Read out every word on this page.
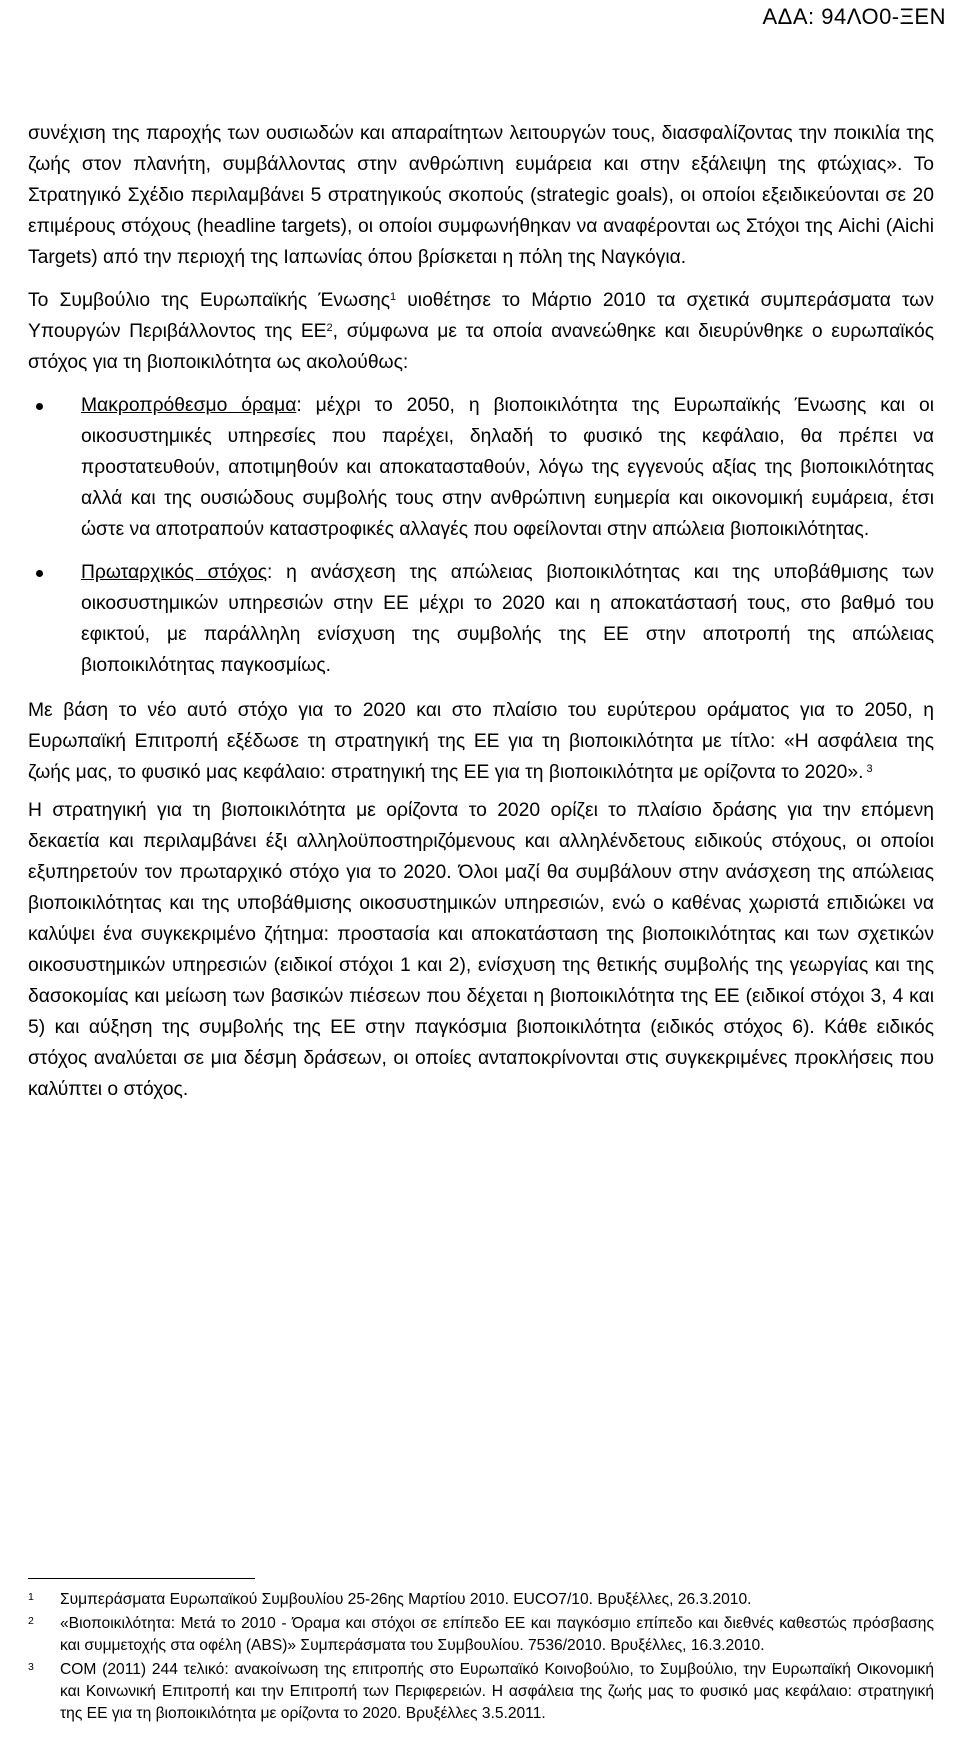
ΑΔΑ: 94ΛΟ0-ΞΕΝ

συνέχιση της παροχής των ουσιωδών και απαραίτητων λειτουργών τους, διασφαλίζοντας την ποικιλία της ζωής στον πλανήτη, συμβάλλοντας στην ανθρώπινη ευμάρεια και στην εξάλειψη της φτώχιας». Το Στρατηγικό Σχέδιο περιλαμβάνει 5 στρατηγικούς σκοπούς (strategic goals), οι οποίοι εξειδικεύονται σε 20 επιμέρους στόχους (headline targets), οι οποίοι συμφωνήθηκαν να αναφέρονται ως Στόχοι της Aichi (Aichi Targets) από την περιοχή της Ιαπωνίας όπου βρίσκεται η πόλη της Ναγκόγια.

Το Συμβούλιο της Ευρωπαϊκής Ένωσης$^1$ υιοθέτησε το Μάρτιο 2010 τα σχετικά συμπεράσματα των Υπουργών Περιβάλλοντος της $EE^2$, σύμφωνα με τα οποία ανανεώθηκε και διευρύνθηκε ο ευρωπαϊκός στόχος για τη βιοποικιλότητα ως ακολούθως:

Μακροπρόθεσμο όραμα: μέχρι το 2050, η βιοποικιλότητα της Ευρωπαϊκής Ένωσης και οι οικοσυστημικές υπηρεσίες που παρέχει, δηλαδή το φυσικό της κεφάλαιο, θα πρέπει να προστατευθούν, αποτιμηθούν και αποκατασταθούν, λόγω της εγγενούς αξίας της βιοποικιλότητας αλλά και της ουσιώδους συμβολής τους στην ανθρώπινη ευημερία και οικονομική ευμάρεια, έτσι ώστε να αποτραπούν καταστροφικές αλλαγές που οφείλονται στην απώλεια βιοποικιλότητας.
Πρωταρχικός στόχος: η ανάσχεση της απώλειας βιοποικιλότητας και της υποβάθμισης των οικοσυστημικών υπηρεσιών στην ΕΕ μέχρι το 2020 και η αποκατάστασή τους, στο βαθμό του εφικτού, με παράλληλη ενίσχυση της συμβολής της ΕΕ στην αποτροπή της απώλειας βιοποικιλότητας παγκοσμίως.

Με βάση το νέο αυτό στόχο για το 2020 και στο πλαίσιο του ευρύτερου οράματος για το 2050, η Ευρωπαϊκή Επιτροπή εξέδωσε τη στρατηγική της ΕΕ για τη βιοποικιλότητα με τίτλο: «Η ασφάλεια της ζωής μας, το φυσικό μας κεφάλαιο: στρατηγική της ΕΕ για τη βιοποικιλότητα με ορίζοντα το 2020». $^3$

Η στρατηγική για τη βιοποικιλότητα με ορίζοντα το 2020 ορίζει το πλαίσιο δράσης για την επόμενη δεκαετία και περιλαμβάνει έξι αλληλοϋποστηριζόμενους και αλληλένδετους ειδικούς στόχους, οι οποίοι εξυπηρετούν τον πρωταρχικό στόχο για το 2020. Όλοι μαζί θα συμβάλουν στην ανάσχεση της απώλειας βιοποικιλότητας και της υποβάθμισης οικοσυστημικών υπηρεσιών, ενώ ο καθένας χωριστά επιδιώκει να καλύψει ένα συγκεκριμένο ζήτημα: προστασία και αποκατάσταση της βιοποικιλότητας και των σχετικών οικοσυστημικών υπηρεσιών (ειδικοί στόχοι 1 και 2), ενίσχυση της θετικής συμβολής της γεωργίας και της δασοκομίας και μείωση των βασικών πιέσεων που δέχεται η βιοποικιλότητα της ΕΕ (ειδικοί στόχοι 3, 4 και 5) και αύξηση της συμβολής της ΕΕ στην παγκόσμια βιοποικιλότητα (ειδικός στόχος 6). Κάθε ειδικός στόχος αναλύεται σε μια δέσμη δράσεων, οι οποίες ανταποκρίνονται στις συγκεκριμένες προκλήσεις που καλύπτει ο στόχος.

1 Συμπεράσματα Ευρωπαϊκού Συμβουλίου 25-26ης Μαρτίου 2010. EUCO7/10. Βρυξέλλες, 26.3.2010.
2 «Βιοποικιλότητα: Μετά το 2010 - Όραμα και στόχοι σε επίπεδο ΕΕ και παγκόσμιο επίπεδο και διεθνές καθεστώς πρόσβασης και συμμετοχής στα οφέλη (ABS)» Συμπεράσματα του Συμβουλίου. 7536/2010. Βρυξέλλες, 16.3.2010.
3 COM (2011) 244 τελικό: ανακοίνωση της επιτροπής στο Ευρωπαϊκό Κοινοβούλιο, το Συμβούλιο, την Ευρωπαϊκή Οικονομική και Κοινωνική Επιτροπή και την Επιτροπή των Περιφερειών. Η ασφάλεια της ζωής μας το φυσικό μας κεφάλαιο: στρατηγική της ΕΕ για τη βιοποικιλότητα με ορίζοντα το 2020. Βρυξέλλες 3.5.2011.
